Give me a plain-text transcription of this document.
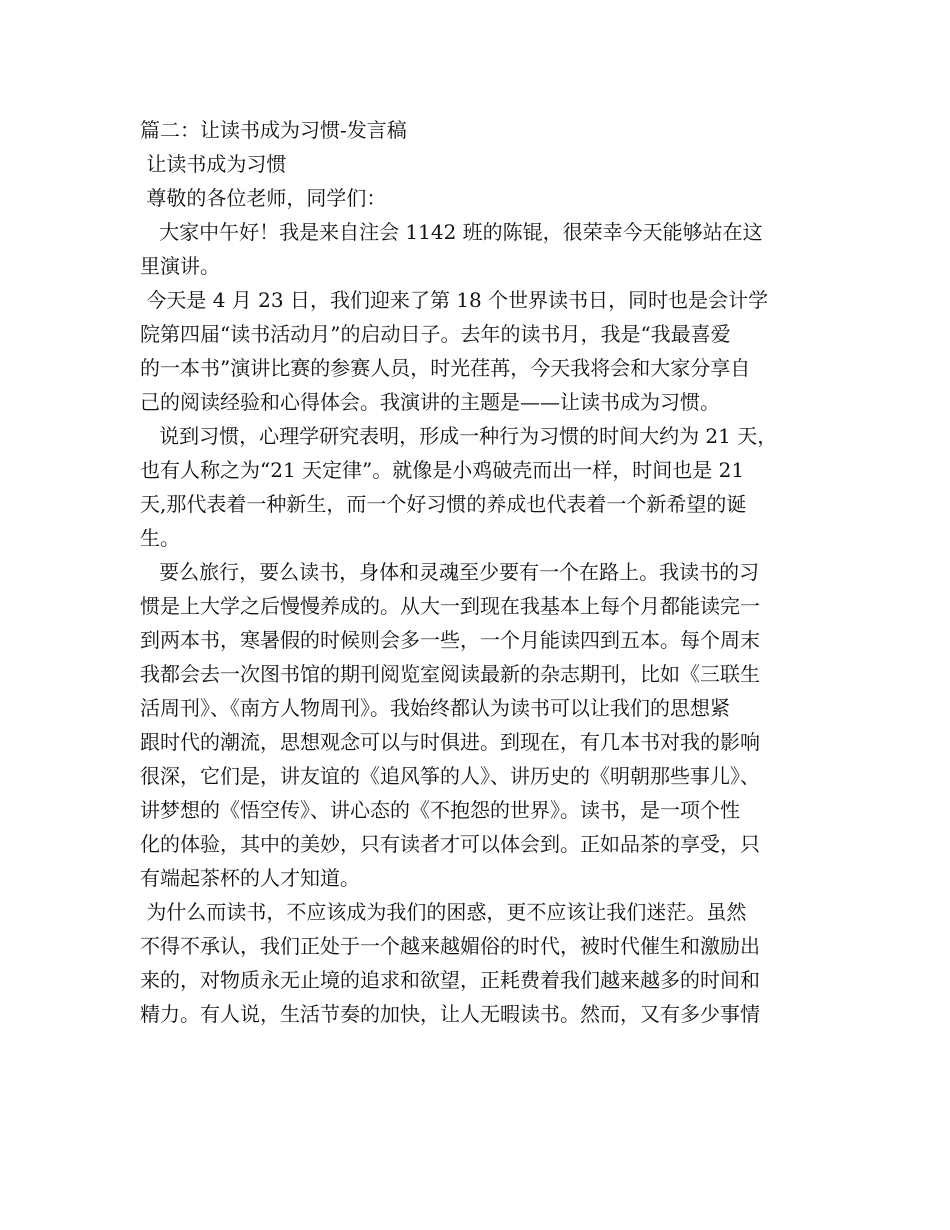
篇二：让读书成为习惯-发言稿
让读书成为习惯
尊敬的各位老师，同学们：
大家中午好！我是来自注会 1142 班的陈锟，很荣幸今天能够站在这
里演讲。
今天是 4 月 23 日，我们迎来了第 18 个世界读书日，同时也是会计学
院第四届“读书活动月”的启动日子。去年的读书月，我是“我最喜爱
的一本书”演讲比赛的参赛人员，时光荏苒，今天我将会和大家分享自
己的阅读经验和心得体会。我演讲的主题是——让读书成为习惯。
说到习惯，心理学研究表明，形成一种行为习惯的时间大约为 21 天，
也有人称之为“21 天定律”。就像是小鸡破壳而出一样，时间也是 21
天,那代表着一种新生，而一个好习惯的养成也代表着一个新希望的诞
生。
要么旅行，要么读书，身体和灵魂至少要有一个在路上。我读书的习
惯是上大学之后慢慢养成的。从大一到现在我基本上每个月都能读完一
到两本书，寒暑假的时候则会多一些，一个月能读四到五本。每个周末
我都会去一次图书馆的期刊阅览室阅读最新的杂志期刊，比如《三联生
活周刊》、《南方人物周刊》。我始终都认为读书可以让我们的思想紧
跟时代的潮流，思想观念可以与时俱进。到现在，有几本书对我的影响
很深，它们是，讲友谊的《追风筝的人》、讲历史的《明朝那些事儿》、
讲梦想的《悟空传》、讲心态的《不抱怨的世界》。读书，是一项个性
化的体验，其中的美妙，只有读者才可以体会到。正如品茶的享受，只
有端起茶杯的人才知道。
为什么而读书，不应该成为我们的困惑，更不应该让我们迷茫。虽然
不得不承认，我们正处于一个越来越媚俗的时代，被时代催生和激励出
来的，对物质永无止境的追求和欲望，正耗费着我们越来越多的时间和
精力。有人说，生活节奏的加快，让人无暇读书。然而，又有多少事情
